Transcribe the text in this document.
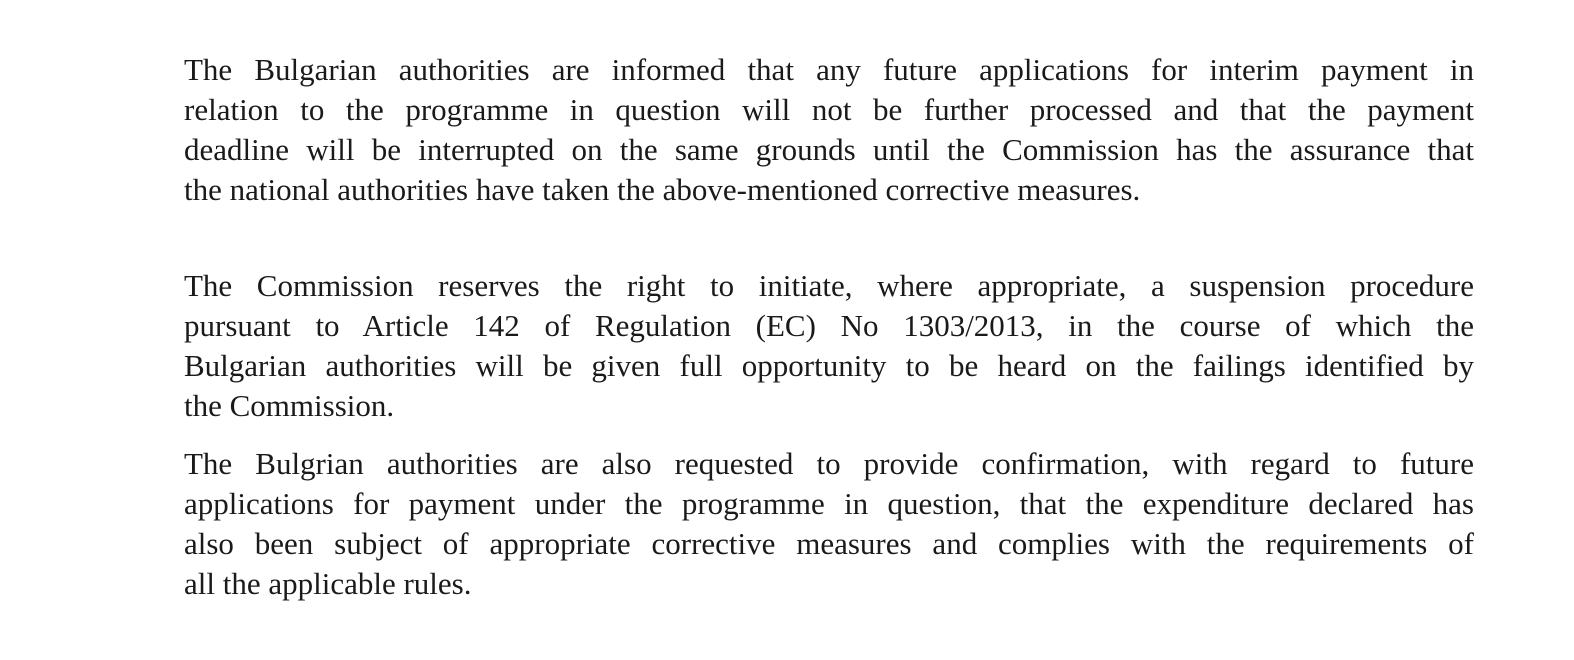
The Bulgarian authorities are informed that any future applications for interim payment in
relation to the programme in question will not be further processed and that the payment
deadline will be interrupted on the same grounds until the Commission has the assurance that
the national authorities have taken the above-mentioned corrective measures.
The Commission reserves the right to initiate, where appropriate, a suspension procedure
pursuant to Article 142 of Regulation (EC) No 1303/2013, in the course of which the
Bulgarian authorities will be given full opportunity to be heard on the failings identified by
the Commission.
The Bulgrian authorities are also requested to provide confirmation, with regard to future
applications for payment under the programme in question, that the expenditure declared has
also been subject of appropriate corrective measures and complies with the requirements of
all the applicable rules.
